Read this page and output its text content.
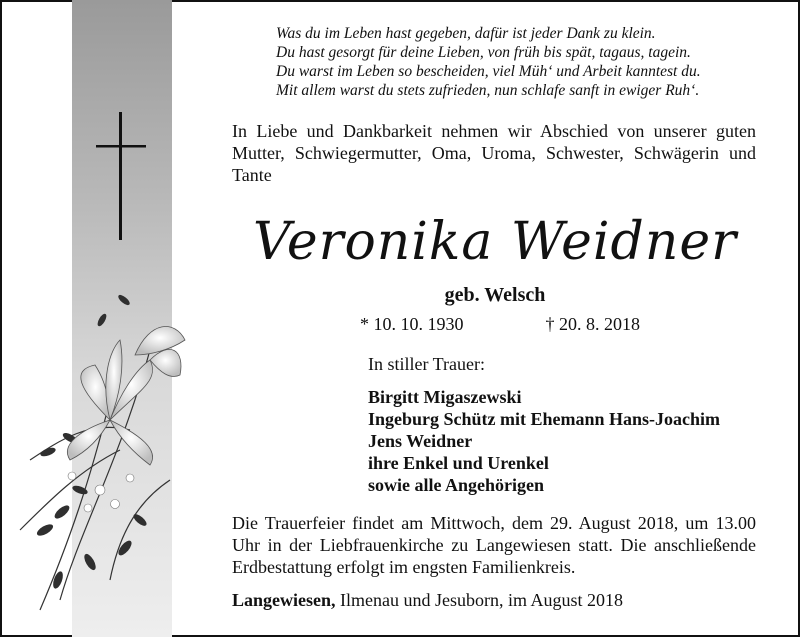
Was du im Leben hast gegeben, dafür ist jeder Dank zu klein.
Du hast gesorgt für deine Lieben, von früh bis spät, tagaus, tagein.
Du warst im Leben so bescheiden, viel Müh‘ und Arbeit kanntest du.
Mit allem warst du stets zufrieden, nun schlafe sanft in ewiger Ruh‘.
In Liebe und Dankbarkeit nehmen wir Abschied von unserer guten Mutter, Schwiegermutter, Oma, Uroma, Schwester, Schwägerin und Tante
Veronika Weidner
geb. Welsch
* 10. 10. 1930	† 20. 8. 2018
In stiller Trauer:
Birgitt Migaszewski
Ingeburg Schütz mit Ehemann Hans-Joachim
Jens Weidner
ihre Enkel und Urenkel
sowie alle Angehörigen
Die Trauerfeier findet am Mittwoch, dem 29. August 2018, um 13.00 Uhr in der Liebfrauenkirche zu Langewiesen statt. Die anschließende Erdbestattung erfolgt im engsten Familienkreis.
Langewiesen, Ilmenau und Jesuborn, im August 2018
